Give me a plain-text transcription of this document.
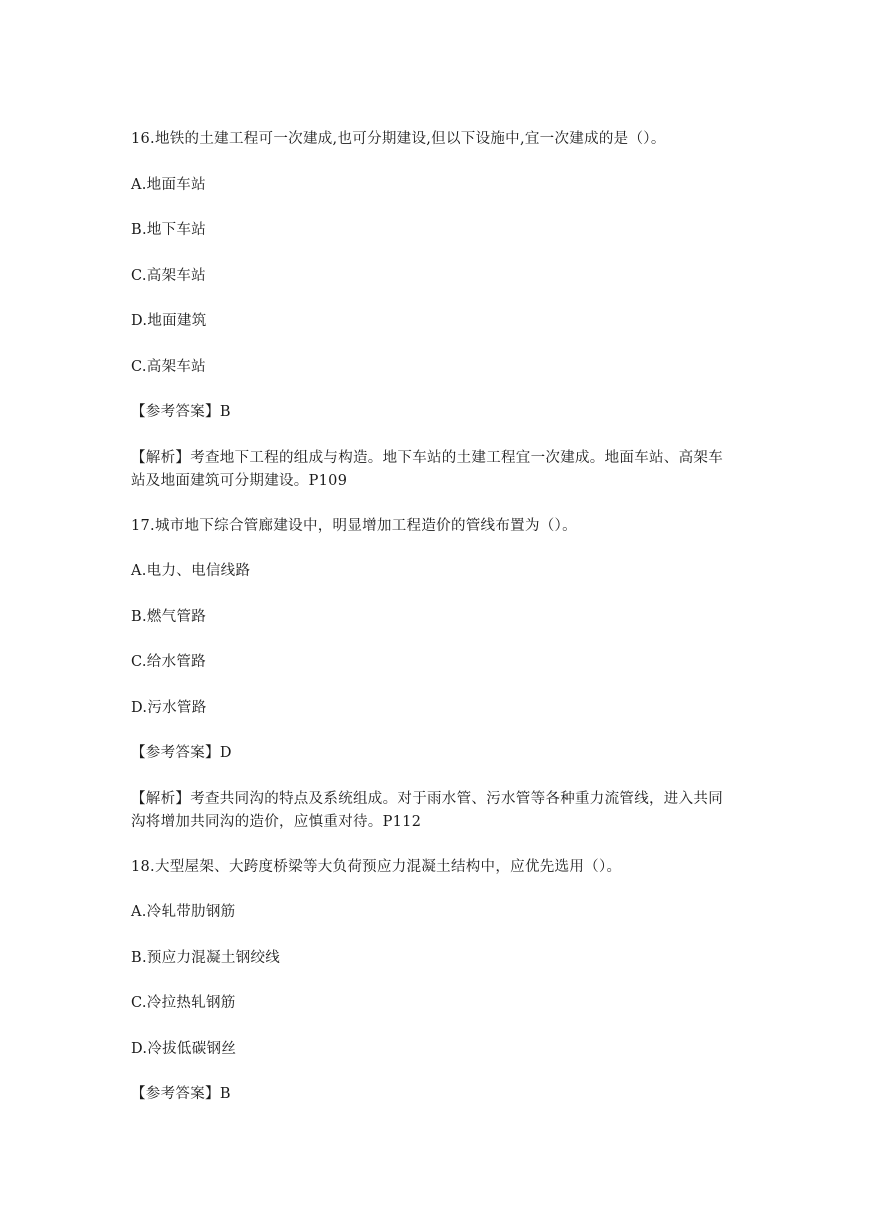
16.地铁的土建工程可一次建成,也可分期建设,但以下设施中,宜一次建成的是（）。
A.地面车站
B.地下车站
C.高架车站
D.地面建筑
C.高架车站
【参考答案】B
【解析】考查地下工程的组成与构造。地下车站的土建工程宜一次建成。地面车站、高架车
站及地面建筑可分期建设。P109
17.城市地下综合管廊建设中，明显增加工程造价的管线布置为（）。
A.电力、电信线路
B.燃气管路
C.给水管路
D.污水管路
【参考答案】D
【解析】考查共同沟的特点及系统组成。对于雨水管、污水管等各种重力流管线，进入共同
沟将增加共同沟的造价，应慎重对待。P112
18.大型屋架、大跨度桥梁等大负荷预应力混凝土结构中，应优先选用（）。
A.冷轧带肋钢筋
B.预应力混凝土钢绞线
C.冷拉热轧钢筋
D.冷拔低碳钢丝
【参考答案】B
